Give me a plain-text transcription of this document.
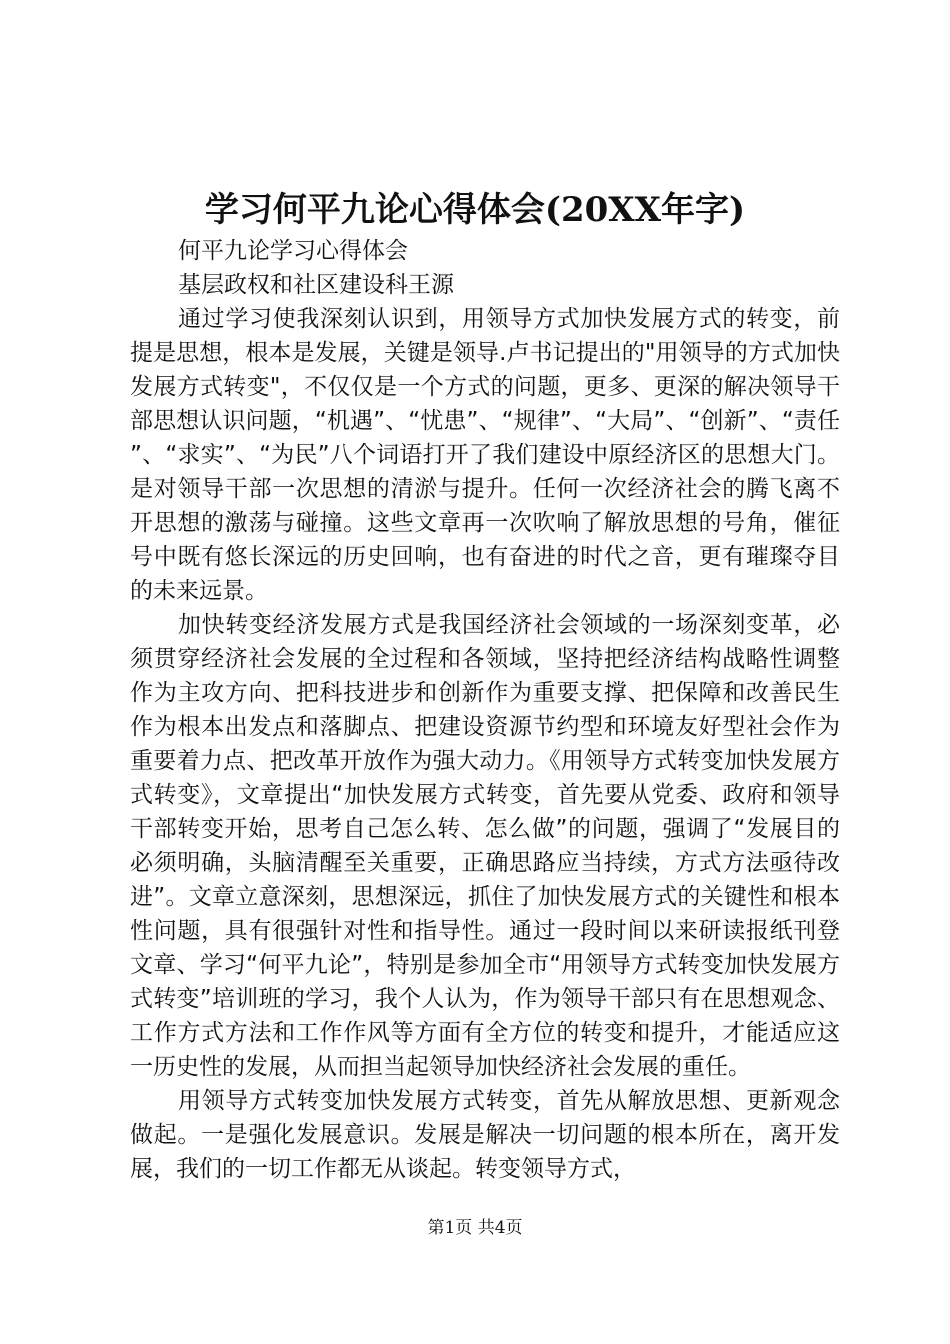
学习何平九论心得体会(20XX年字)

何平九论学习心得体会

基层政权和社区建设科王源

通过学习使我深刻认识到，用领导方式加快发展方式的转变，前提是思想，根本是发展，关键是领导.卢书记提出的"用领导的方式加快发展方式转变"，不仅仅是一个方式的问题，更多、更深的解决领导干部思想认识问题，“机遇”、“忧患”、“规律”、“大局”、“创新”、“责任”、“求实”、“为民”八个词语打开了我们建设中原经济区的思想大门。是对领导干部一次思想的清淤与提升。任何一次经济社会的腾飞离不开思想的激荡与碰撞。这些文章再一次吹响了解放思想的号角，催征号中既有悠长深远的历史回响，也有奋进的时代之音，更有璀璨夺目的未来远景。

加快转变经济发展方式是我国经济社会领域的一场深刻变革，必须贯穿经济社会发展的全过程和各领域，坚持把经济结构战略性调整作为主攻方向、把科技进步和创新作为重要支撑、把保障和改善民生作为根本出发点和落脚点、把建设资源节约型和环境友好型社会作为重要着力点、把改革开放作为强大动力。《用领导方式转变加快发展方式转变》，文章提出“加快发展方式转变，首先要从党委、政府和领导干部转变开始，思考自己怎么转、怎么做”的问题，强调了“发展目的必须明确，头脑清醒至关重要，正确思路应当持续，方式方法亟待改进”。文章立意深刻，思想深远，抓住了加快发展方式的关键性和根本性问题，具有很强针对性和指导性。通过一段时间以来研读报纸刊登文章、学习“何平九论”，特别是参加全市“用领导方式转变加快发展方式转变”培训班的学习，我个人认为，作为领导干部只有在思想观念、工作方式方法和工作作风等方面有全方位的转变和提升，才能适应这一历史性的发展，从而担当起领导加快经济社会发展的重任。

用领导方式转变加快发展方式转变，首先从解放思想、更新观念做起。一是强化发展意识。发展是解决一切问题的根本所在，离开发展，我们的一切工作都无从谈起。转变领导方式，

第1页 共4页
